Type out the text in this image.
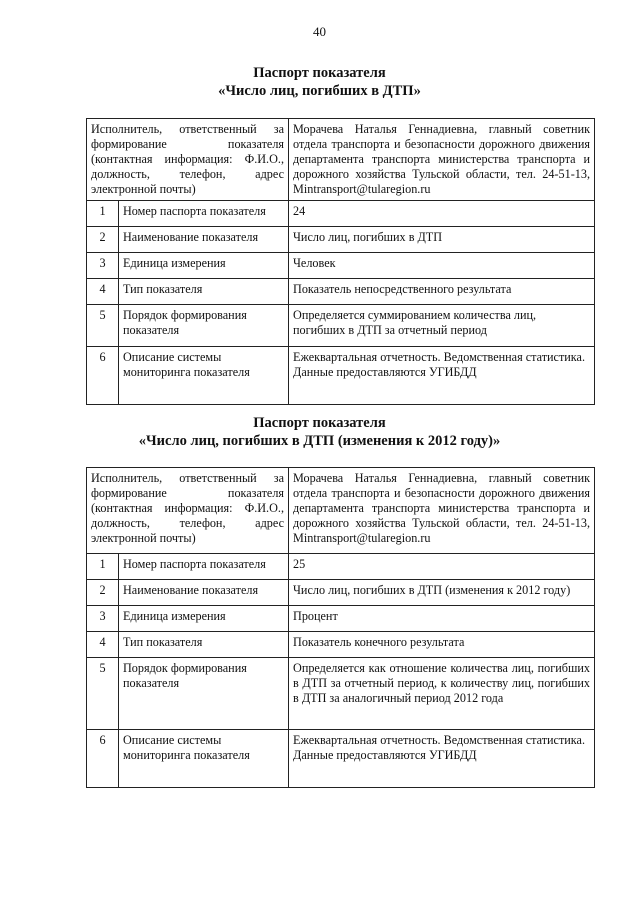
40
Паспорт показателя
«Число лиц, погибших в ДТП»
Исполнитель, ответственный за формирование показателя (контактная информация: Ф.И.О., должность, телефон, адрес электронной почты)		Морачева Наталья Геннадиевна, главный советник отдела транспорта и безопасности дорожного движения департамента транспорта министерства транспорта и дорожного хозяйства Тульской области, тел. 24-51-13, Mintransport@tularegion.ru
1	Номер паспорта показателя	24
2	Наименование показателя	Число лиц, погибших в ДТП
3	Единица измерения	Человек
4	Тип показателя	Показатель непосредственного результата
5	Порядок формирования показателя	Определяется суммированием количества лиц, погибших в ДТП за отчетный период
6	Описание системы мониторинга показателя	Ежеквартальная отчетность. Ведомственная статистика. Данные предоставляются УГИБДД
Паспорт показателя
«Число лиц, погибших в ДТП (изменения к 2012 году)»
Исполнитель, ответственный за формирование показателя (контактная информация: Ф.И.О., должность, телефон, адрес электронной почты)		Морачева Наталья Геннадиевна, главный советник отдела транспорта и безопасности дорожного движения департамента транспорта министерства транспорта и дорожного хозяйства Тульской области, тел. 24-51-13, Mintransport@tularegion.ru
1	Номер паспорта показателя	25
2	Наименование показателя	Число лиц, погибших в ДТП (изменения к 2012 году)
3	Единица измерения	Процент
4	Тип показателя	Показатель конечного результата
5	Порядок формирования показателя	Определяется как отношение количества лиц, погибших в ДТП за отчетный период, к количеству лиц, погибших в ДТП за аналогичный период 2012 года
6	Описание системы мониторинга показателя	Ежеквартальная отчетность. Ведомственная статистика. Данные предоставляются УГИБДД
